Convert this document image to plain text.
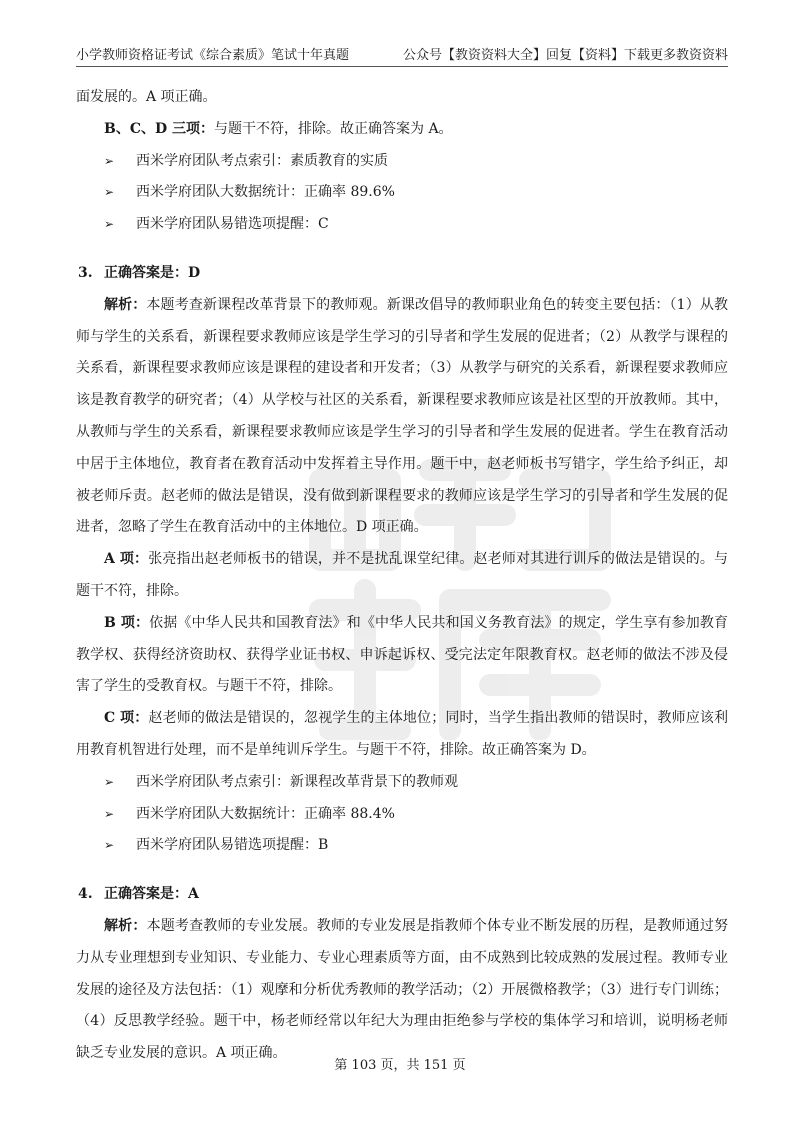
小学教师资格证考试《综合素质》笔试十年真题	公众号【教资资料大全】回复【资料】下载更多教资资料

面发展的。A 项正确。

B、C、D 三项：与题干不符，排除。故正确答案为 A。

➢	西米学府团队考点索引：素质教育的实质
➢	西米学府团队大数据统计：正确率 89.6%
➢	西米学府团队易错选项提醒：C
3. 正确答案是：D

解析：本题考查新课程改革背景下的教师观。新课改倡导的教师职业角色的转变主要包括：（1）从教师与学生的关系看，新课程要求教师应该是学生学习的引导者和学生发展的促进者；（2）从教学与课程的关系看，新课程要求教师应该是课程的建设者和开发者；（3）从教学与研究的关系看，新课程要求教师应该是教育教学的研究者；（4）从学校与社区的关系看，新课程要求教师应该是社区型的开放教师。其中，从教师与学生的关系看，新课程要求教师应该是学生学习的引导者和学生发展的促进者。学生在教育活动中居于主体地位，教育者在教育活动中发挥着主导作用。题干中，赵老师板书写错字，学生给予纠正，却被老师斥责。赵老师的做法是错误，没有做到新课程要求的教师应该是学生学习的引导者和学生发展的促进者，忽略了学生在教育活动中的主体地位。D 项正确。

A 项：张亮指出赵老师板书的错误，并不是扰乱课堂纪律。赵老师对其进行训斥的做法是错误的。与题干不符，排除。

B 项：依据《中华人民共和国教育法》和《中华人民共和国义务教育法》的规定，学生享有参加教育教学权、获得经济资助权、获得学业证书权、申诉起诉权、受完法定年限教育权。赵老师的做法不涉及侵害了学生的受教育权。与题干不符，排除。

C 项：赵老师的做法是错误的，忽视学生的主体地位；同时，当学生指出教师的错误时，教师应该利用教育机智进行处理，而不是单纯训斥学生。与题干不符，排除。故正确答案为 D。

➢	西米学府团队考点索引：新课程改革背景下的教师观
➢	西米学府团队大数据统计：正确率 88.4%
➢	西米学府团队易错选项提醒：B
4. 正确答案是：A

解析：本题考查教师的专业发展。教师的专业发展是指教师个体专业不断发展的历程，是教师通过努力从专业理想到专业知识、专业能力、专业心理素质等方面，由不成熟到比较成熟的发展过程。教师专业发展的途径及方法包括：（1）观摩和分析优秀教师的教学活动；（2）开展微格教学；（3）进行专门训练；（4）反思教学经验。题干中，杨老师经常以年纪大为理由拒绝参与学校的集体学习和培训，说明杨老师缺乏专业发展的意识。A 项正确。

第 103 页，共 151 页
